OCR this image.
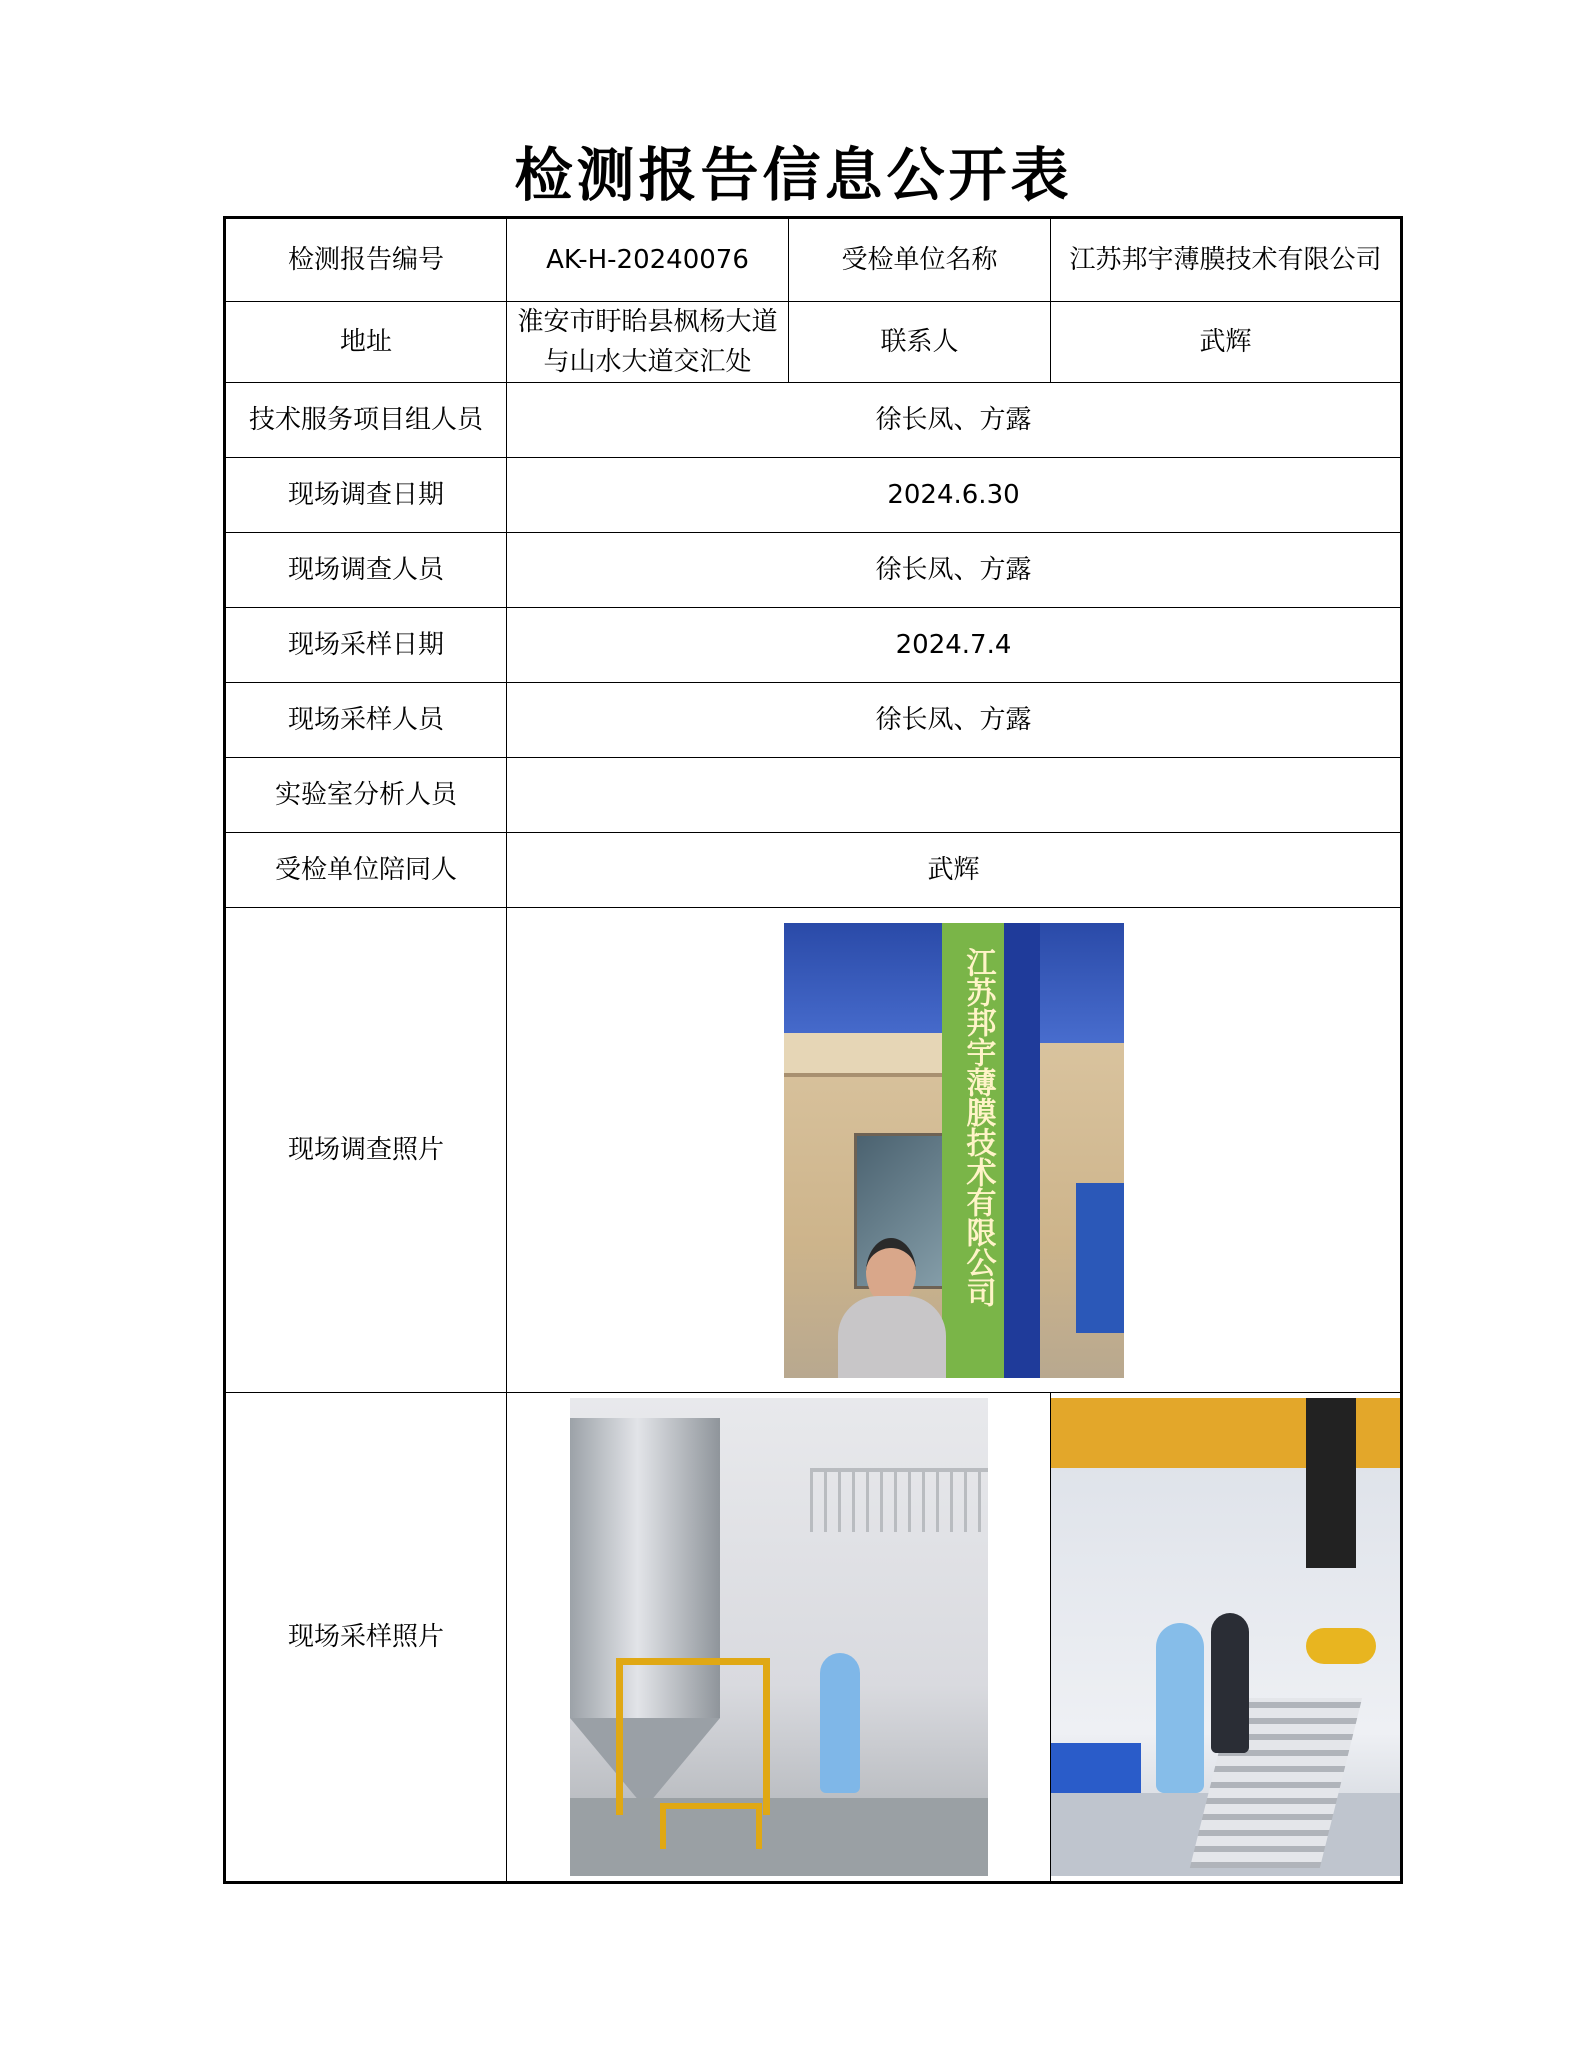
检测报告信息公开表
检测报告编号	AK-H-20240076	受检单位名称	江苏邦宇薄膜技术有限公司
地址	淮安市盱眙县枫杨大道与山水大道交汇处	联系人	武辉
技术服务项目组人员	徐长凤、方露		
现场调查日期	2024.6.30		
现场调查人员	徐长凤、方露		
现场采样日期	2024.7.4		
现场采样人员	徐长凤、方露		
实验室分析人员			
受检单位陪同人	武辉		
现场调查照片	江苏邦宇薄膜技术有限公司		

现场采样照片		
